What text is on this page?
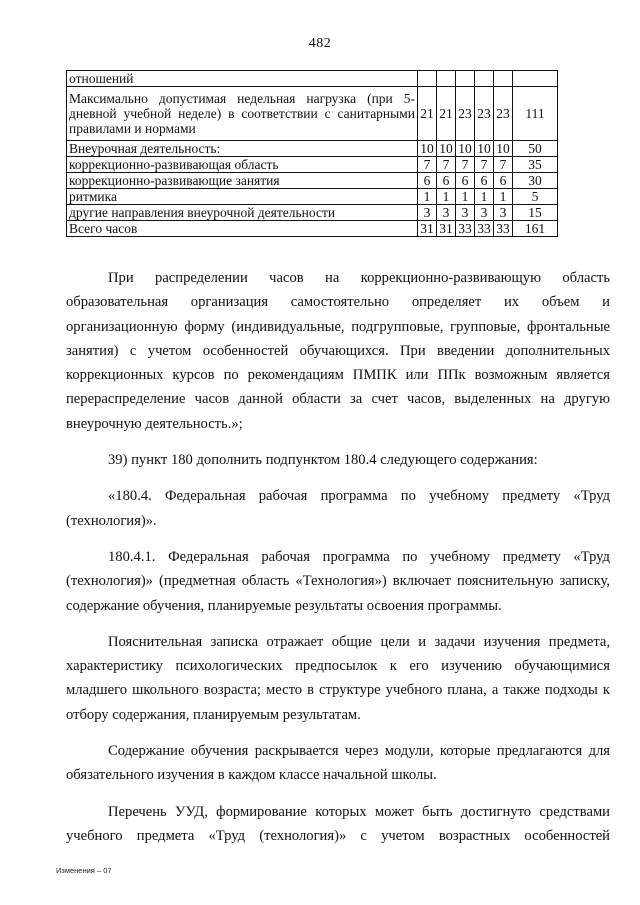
482
отношений						
Максимально допустимая недельная нагрузка (при 5-дневной учебной неделе) в соответствии с санитарными правилами и нормами	21	21	23	23	23	111
Внеурочная деятельность:	10	10	10	10	10	50
коррекционно-развивающая область	7	7	7	7	7	35
коррекционно-развивающие занятия	6	6	6	6	6	30
ритмика	1	1	1	1	1	5
другие направления внеурочной деятельности	3	3	3	3	3	15
Всего часов	31	31	33	33	33	161

При распределении часов на коррекционно-развивающую область образовательная организация самостоятельно определяет их объем и организационную форму (индивидуальные, подгрупповые, групповые, фронтальные занятия) с учетом особенностей обучающихся. При введении дополнительных коррекционных курсов по рекомендациям ПМПК или ППк возможным является перераспределение часов данной области за счет часов, выделенных на другую внеурочную деятельность.»;

39) пункт 180 дополнить подпунктом 180.4 следующего содержания:

«180.4. Федеральная рабочая программа по учебному предмету «Труд (технология)».

180.4.1. Федеральная рабочая программа по учебному предмету «Труд (технология)» (предметная область «Технология») включает пояснительную записку, содержание обучения, планируемые результаты освоения программы.

Пояснительная записка отражает общие цели и задачи изучения предмета, характеристику психологических предпосылок к его изучению обучающимися младшего школьного возраста; место в структуре учебного плана, а также подходы к отбору содержания, планируемым результатам.

Содержание обучения раскрывается через модули, которые предлагаются для обязательного изучения в каждом классе начальной школы.

Перечень УУД, формирование которых может быть достигнуто средствами учебного предмета «Труд (технология)» с учетом возрастных особенностей

Изменения – 07
